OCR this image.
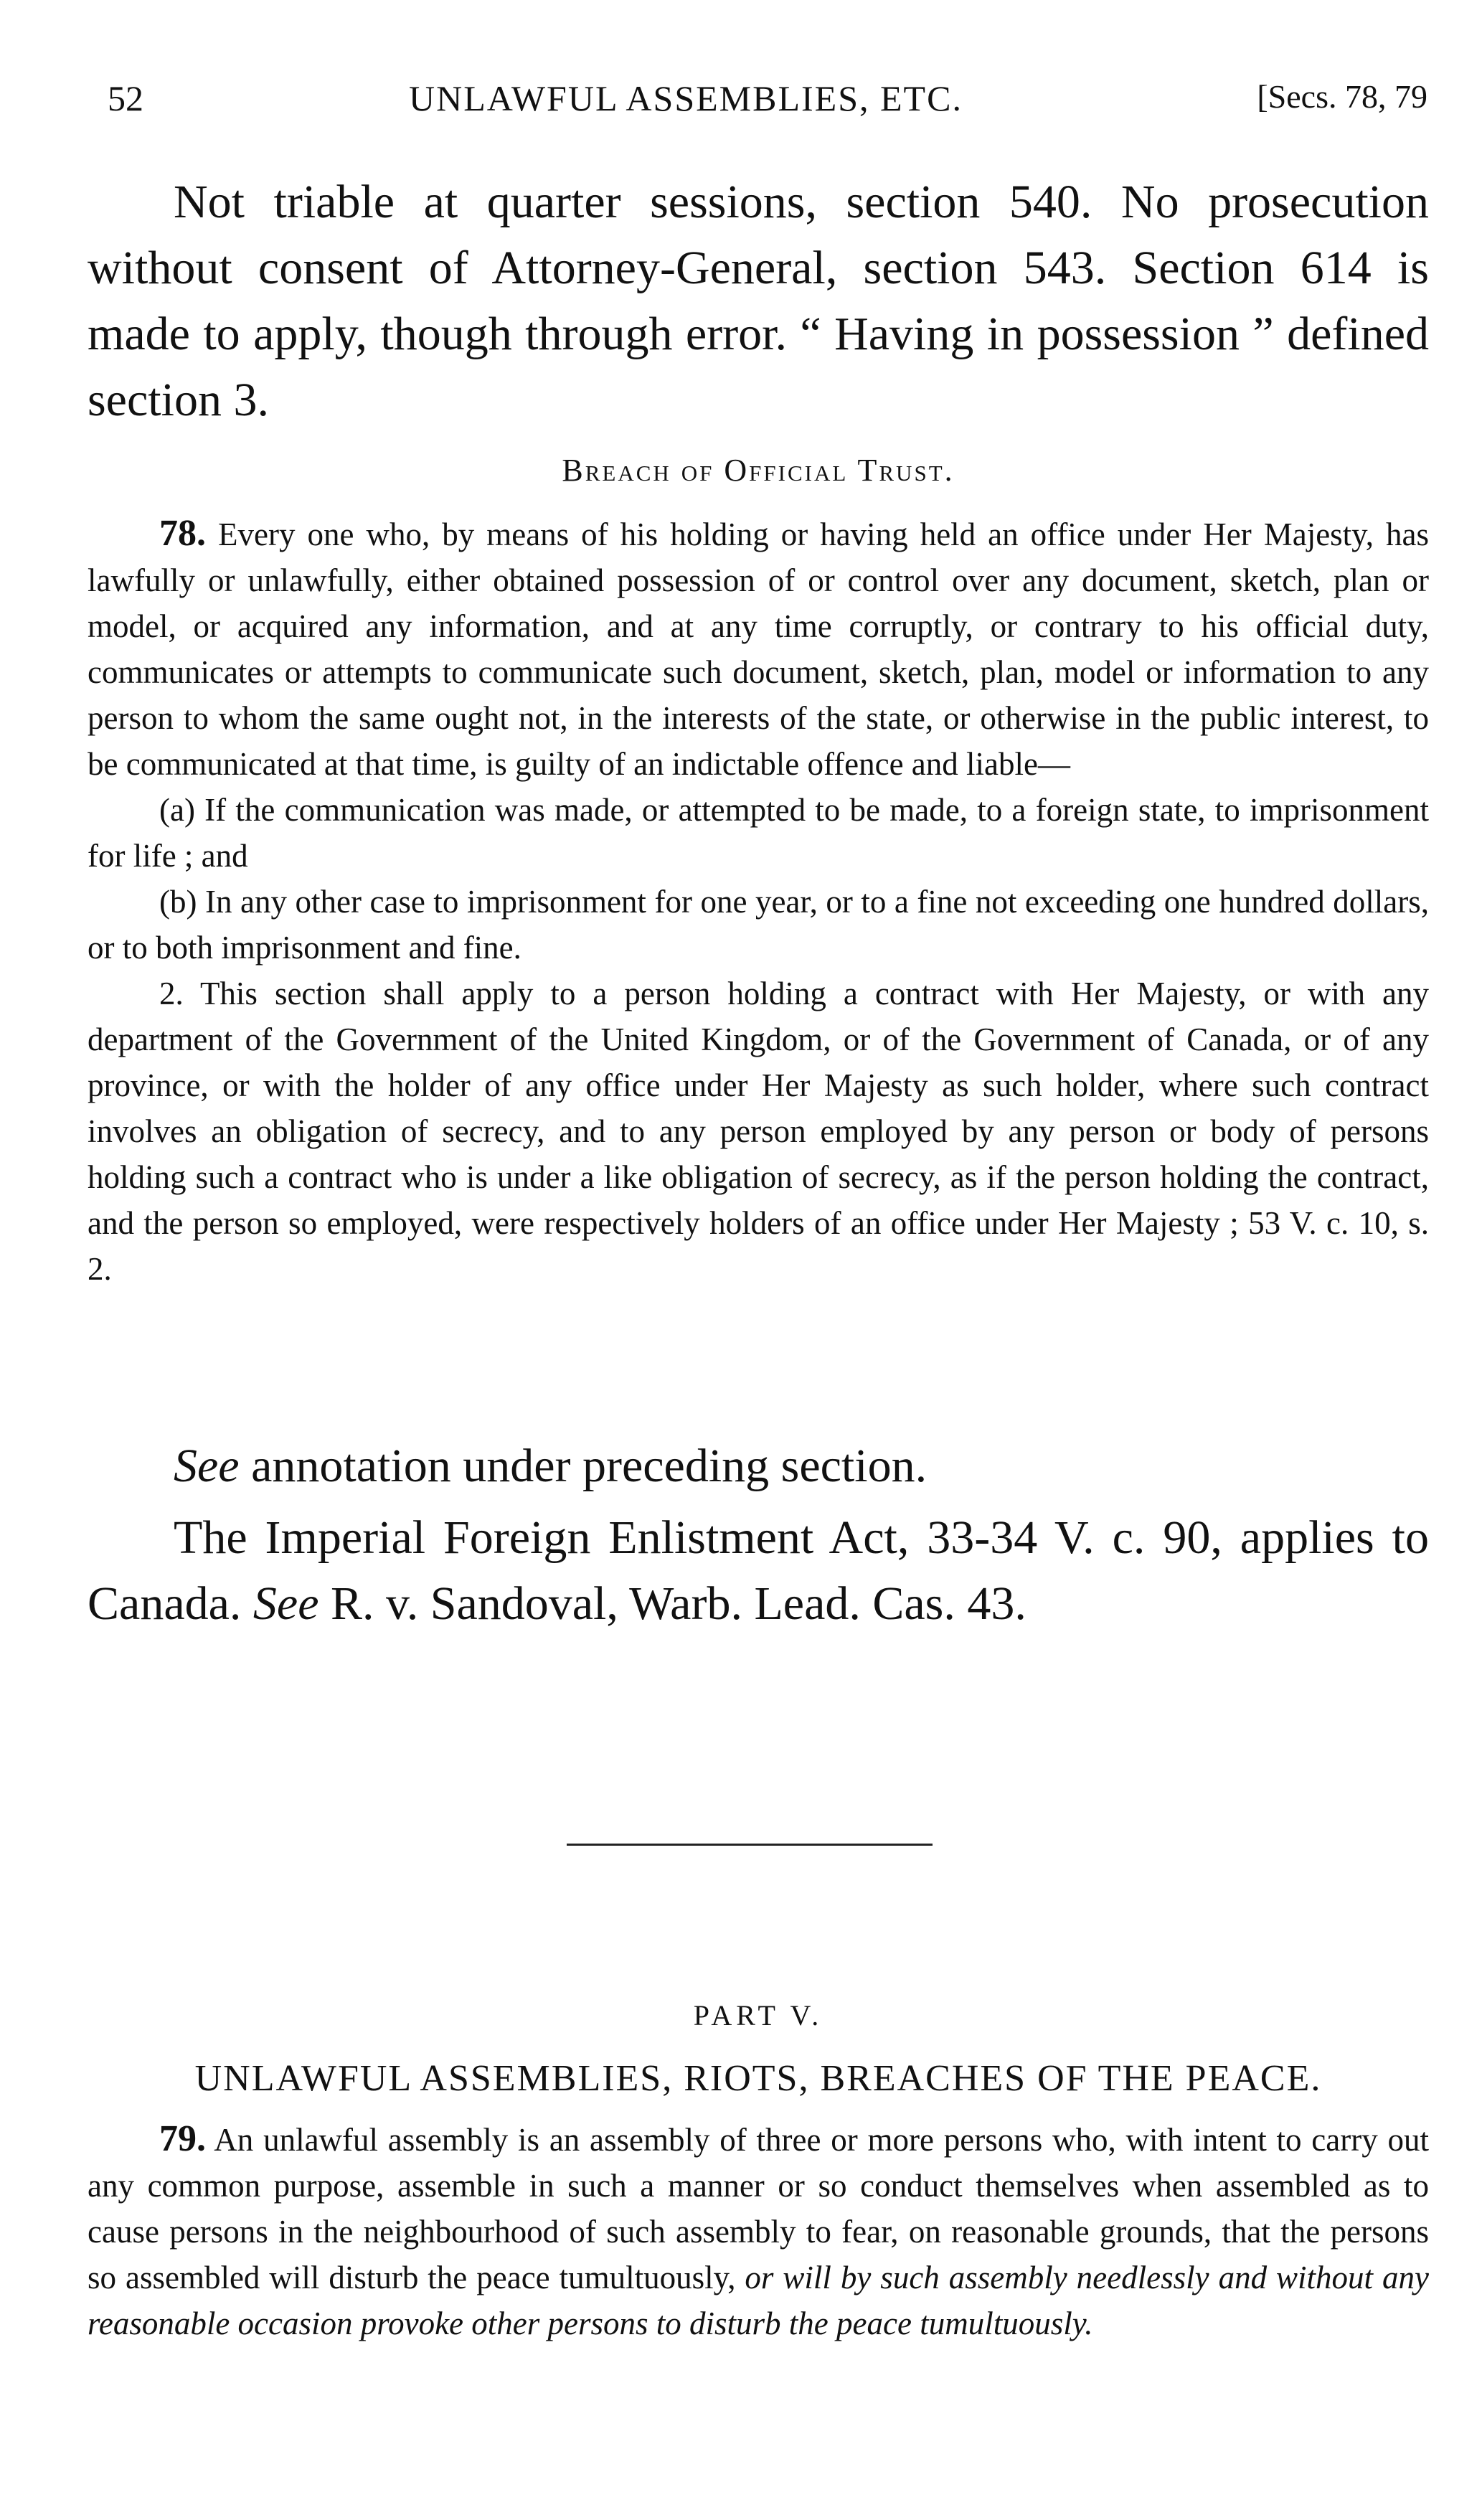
52	UNLAWFUL ASSEMBLIES, ETC.	[Secs. 78, 79

Not triable at quarter sessions, section 540. No prosecution without consent of Attorney-General, section 543. Section 614 is made to apply, though through error. “ Having in possession ” defined section 3.

Breach of Official Trust.

78. Every one who, by means of his holding or having held an office under Her Majesty, has lawfully or unlawfully, either obtained possession of or control over any document, sketch, plan or model, or acquired any information, and at any time corruptly, or contrary to his official duty, communicates or attempts to communicate such document, sketch, plan, model or information to any person to whom the same ought not, in the interests of the state, or otherwise in the public interest, to be communicated at that time, is guilty of an indictable offence and liable—

(a) If the communication was made, or attempted to be made, to a foreign state, to imprisonment for life ; and

(b) In any other case to imprisonment for one year, or to a fine not exceeding one hundred dollars, or to both imprisonment and fine.

2. This section shall apply to a person holding a contract with Her Majesty, or with any department of the Government of the United Kingdom, or of the Government of Canada, or of any province, or with the holder of any office under Her Majesty as such holder, where such contract involves an obligation of secrecy, and to any person employed by any person or body of persons holding such a contract who is under a like obligation of secrecy, as if the person holding the contract, and the person so employed, were respectively holders of an office under Her Majesty ; 53 V. c. 10, s. 2.

See annotation under preceding section.

The Imperial Foreign Enlistment Act, 33-34 V. c. 90, applies to Canada. See R. v. Sandoval, Warb. Lead. Cas. 43.

PART V.
UNLAWFUL ASSEMBLIES, RIOTS, BREACHES OF THE PEACE.

79. An unlawful assembly is an assembly of three or more persons who, with intent to carry out any common purpose, assemble in such a manner or so conduct themselves when assembled as to cause persons in the neighbourhood of such assembly to fear, on reasonable grounds, that the persons so assembled will disturb the peace tumultuously, or will by such assembly needlessly and without any reasonable occasion provoke other persons to disturb the peace tumultuously.
